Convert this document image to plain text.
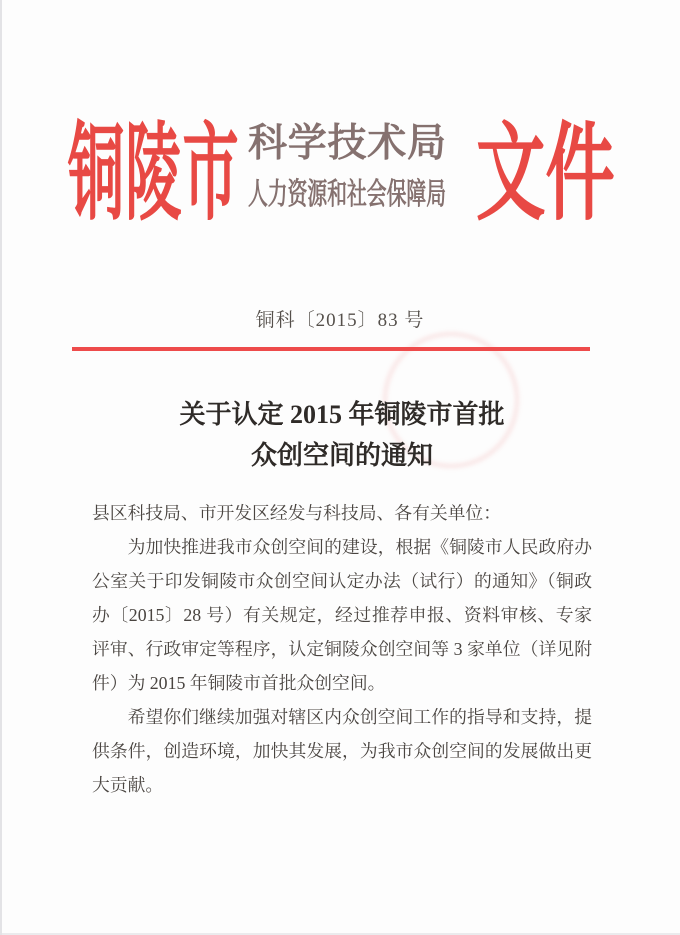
铜陵市 科学技术局
人力资源和社会保障局 文件
铜科〔2015〕83 号
关于认定 2015 年铜陵市首批
众创空间的通知
县区科技局、市开发区经发与科技局、各有关单位：
为加快推进我市众创空间的建设，根据《铜陵市人民政府办
公室关于印发铜陵市众创空间认定办法（试行）的通知》（铜政
办〔2015〕28 号）有关规定，经过推荐申报、资料审核、专家
评审、行政审定等程序，认定铜陵众创空间等 3 家单位（详见附
件）为 2015 年铜陵市首批众创空间。
希望你们继续加强对辖区内众创空间工作的指导和支持，提
供条件，创造环境，加快其发展，为我市众创空间的发展做出更
大贡献。
